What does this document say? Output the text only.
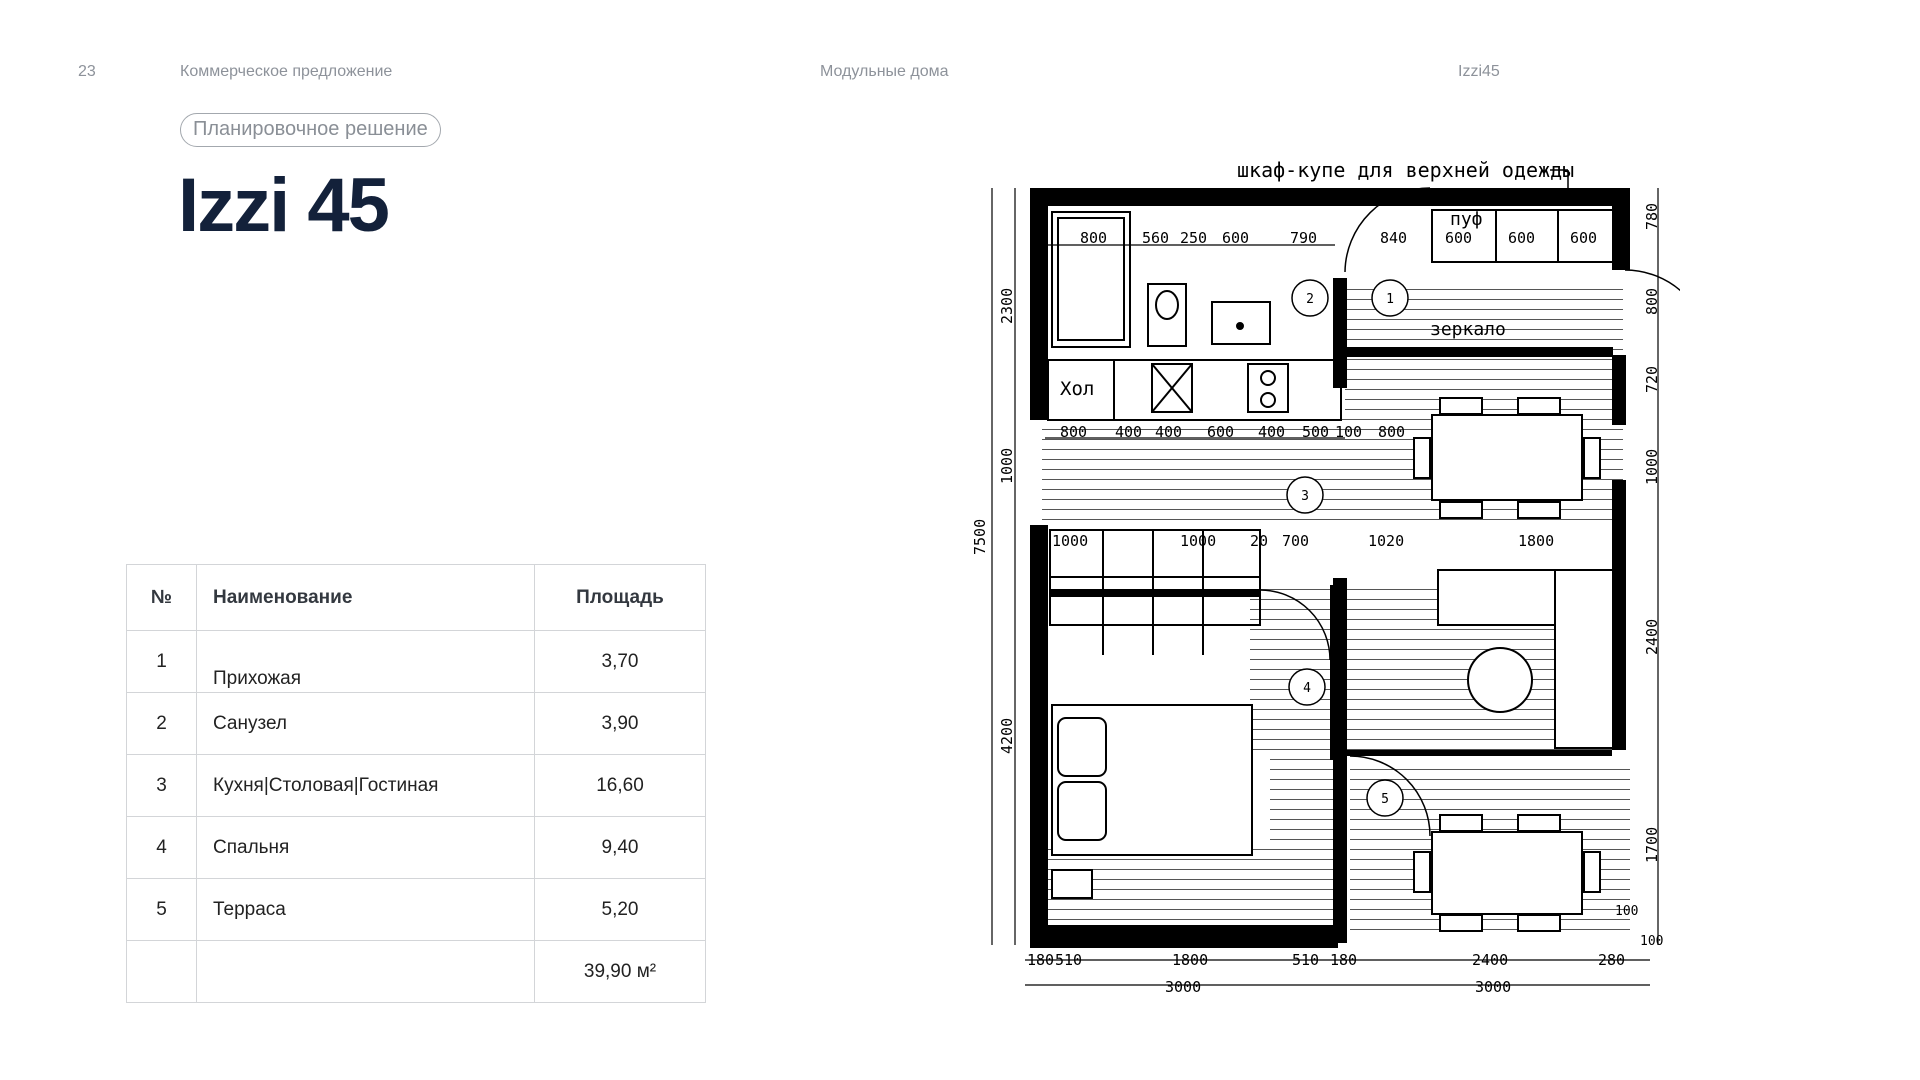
23	Коммерческое предложение	Модульные дома	Izzi45
Планировочное решение
Izzi 45
№	Наименование	Площадь
1	Прихожая	3,70
2	Санузел	3,90
3	Кухня|Столовая|Гостиная	16,60
4	Спальня	9,40
5	Терраса	5,20
		39,90 м²
1
2
3
4
5
шкаф-купе для верхней одежды
пуф
зеркало
Хол
7500
2300
1000
4200
780
800
720
1000
2400
1700
100
100
180 510	1800	510 180	2400	280
3000	3000
800 560 250 600	790	840	600 600 600
800 400 400 600 400 500 100 800
1000	1000 20 700	1020	1800
